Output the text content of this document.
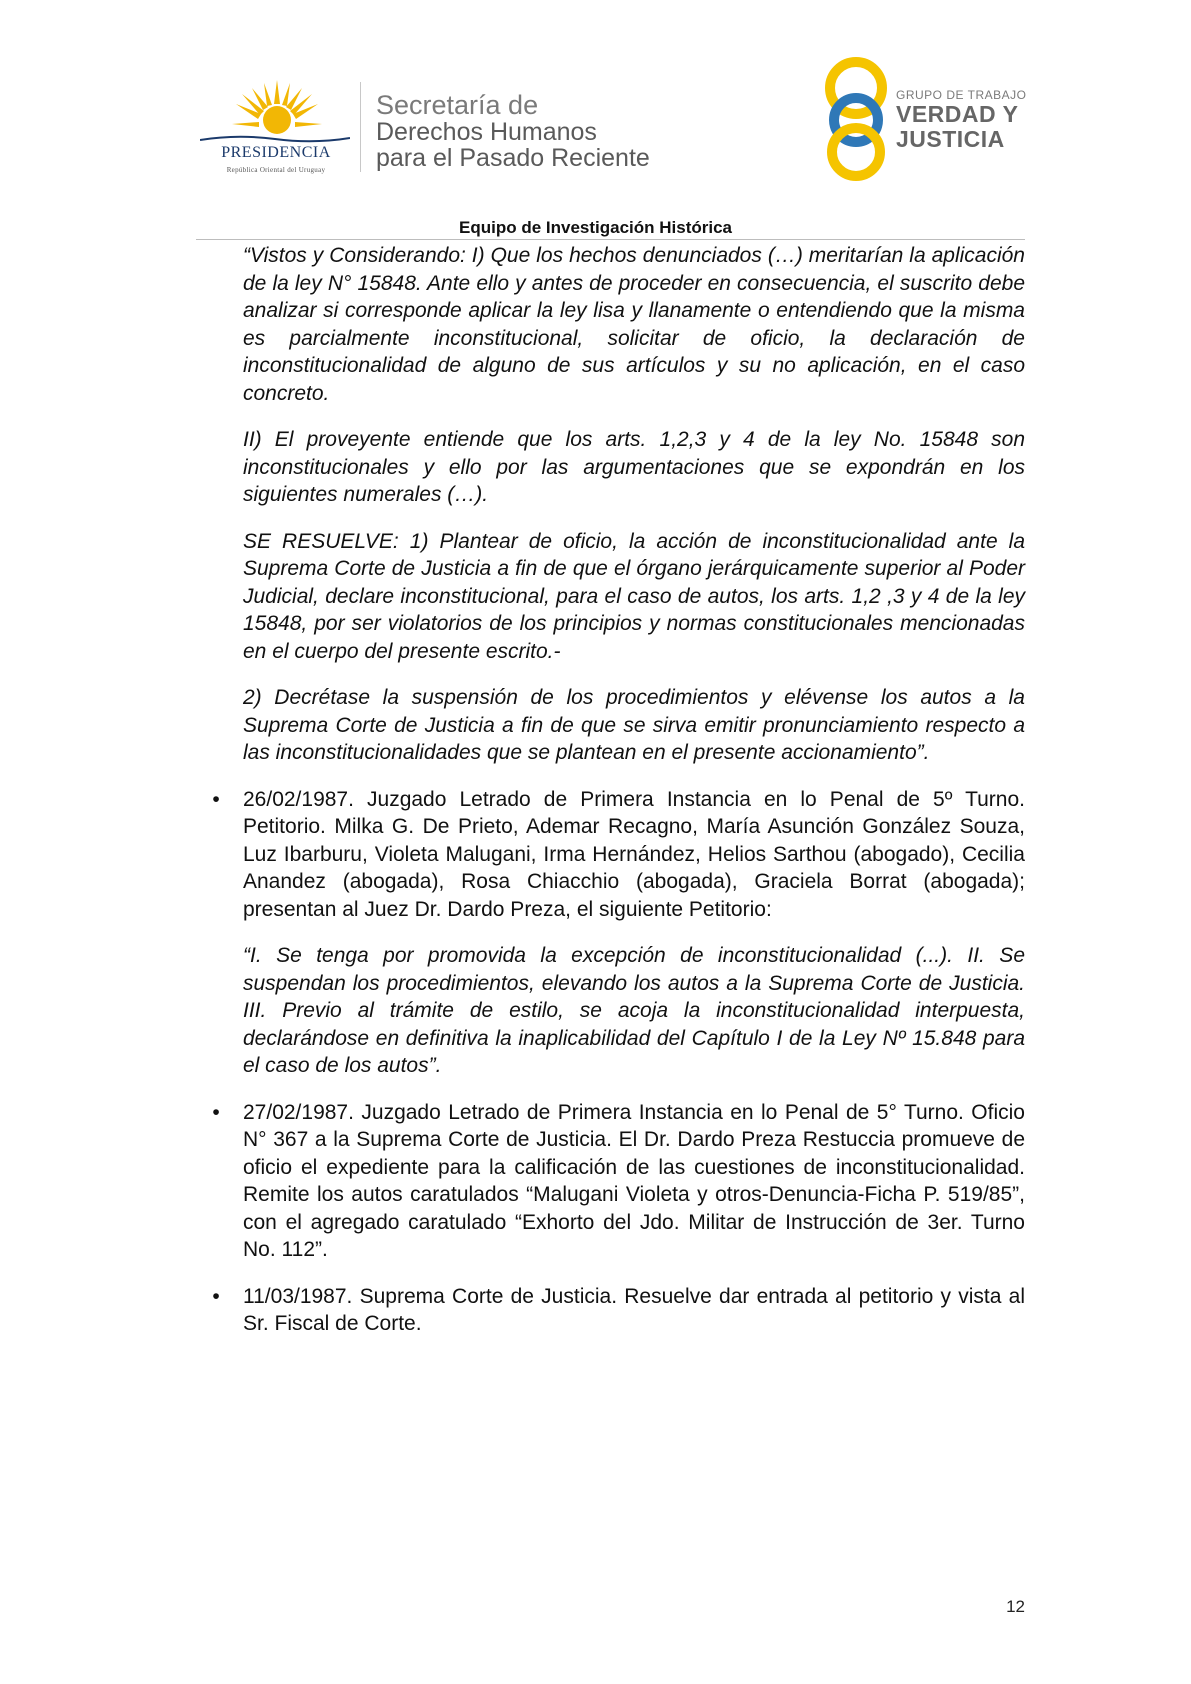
PRESIDENCIA
República Oriental del Uruguay
Secretaría de
Derechos Humanos
para el Pasado Reciente
GRUPO DE TRABAJO
VERDAD Y
JUSTICIA
Equipo de Investigación Histórica

“Vistos y Considerando: I) Que los hechos denunciados (…) meritarían la aplicación de la ley N° 15848. Ante ello y antes de proceder en consecuencia, el suscrito debe analizar si corresponde aplicar la ley lisa y llanamente o entendiendo que la misma es parcialmente inconstitucional, solicitar de oficio, la declaración de inconstitucionalidad de alguno de sus artículos y su no aplicación, en el caso concreto.

II) El proveyente entiende que los arts. 1,2,3 y 4 de la ley No. 15848 son inconstitucionales y ello por las argumentaciones que se expondrán en los siguientes numerales (…).

SE RESUELVE: 1) Plantear de oficio, la acción de inconstitucionalidad ante la Suprema Corte de Justicia a fin de que el órgano jerárquicamente superior al Poder Judicial, declare inconstitucional, para el caso de autos, los arts. 1,2 ,3 y 4 de la ley 15848, por ser violatorios de los principios y normas constitucionales mencionadas en el cuerpo del presente escrito.-

2) Decrétase la suspensión de los procedimientos y elévense los autos a la Suprema Corte de Justicia a fin de que se sirva emitir pronunciamiento respecto a las inconstitucionalidades que se plantean en el presente accionamiento”.

• 26/02/1987. Juzgado Letrado de Primera Instancia en lo Penal de 5º Turno. Petitorio. Milka G. De Prieto, Ademar Recagno, María Asunción González Souza, Luz Ibarburu, Violeta Malugani, Irma Hernández, Helios Sarthou (abogado), Cecilia Anandez (abogada), Rosa Chiacchio (abogada), Graciela Borrat (abogada); presentan al Juez Dr. Dardo Preza, el siguiente Petitorio:

“I. Se tenga por promovida la excepción de inconstitucionalidad (...). II. Se suspendan los procedimientos, elevando los autos a la Suprema Corte de Justicia. III. Previo al trámite de estilo, se acoja la inconstitucionalidad interpuesta, declarándose en definitiva la inaplicabilidad del Capítulo I de la Ley Nº 15.848 para el caso de los autos”.

• 27/02/1987. Juzgado Letrado de Primera Instancia en lo Penal de 5° Turno. Oficio N° 367 a la Suprema Corte de Justicia. El Dr. Dardo Preza Restuccia promueve de oficio el expediente para la calificación de las cuestiones de inconstitucionalidad. Remite los autos caratulados “Malugani Violeta y otros-Denuncia-Ficha P. 519/85”, con el agregado caratulado “Exhorto del Jdo. Militar de Instrucción de 3er. Turno No. 112”.
• 11/03/1987. Suprema Corte de Justicia. Resuelve dar entrada al petitorio y vista al Sr. Fiscal de Corte.
12
